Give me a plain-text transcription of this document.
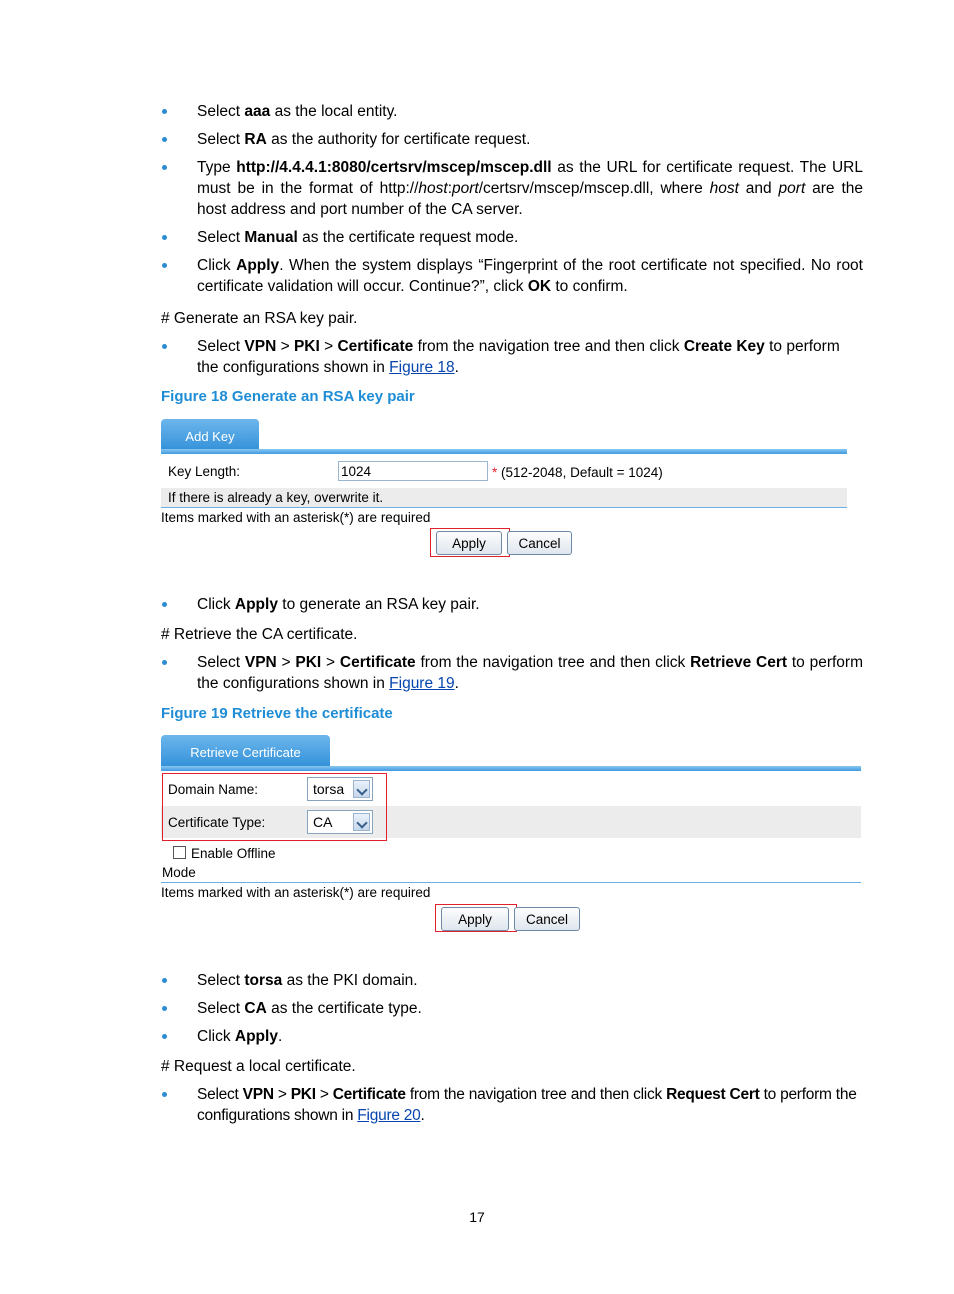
Select aaa as the local entity.
Select RA as the authority for certificate request.
Type http://4.4.4.1:8080/certsrv/mscep/mscep.dll as the URL for certificate request. The URL must be in the format of http://host:port/certsrv/mscep/mscep.dll, where host and port are the host address and port number of the CA server.
Select Manual as the certificate request mode.
Click Apply. When the system displays “Fingerprint of the root certificate not specified. No root certificate validation will occur. Continue?”, click OK to confirm.

# Generate an RSA key pair.

Select VPN > PKI > Certificate from the navigation tree and then click Create Key to perform the configurations shown in Figure 18.
Figure 18 Generate an RSA key pair
Add Key
Key Length:	1024	* (512-2048, Default = 1024)
If there is already a key, overwrite it.
Items marked with an asterisk(*) are required
Apply	Cancel
Click Apply to generate an RSA key pair.

# Retrieve the CA certificate.

Select VPN > PKI > Certificate from the navigation tree and then click Retrieve Cert to perform the configurations shown in Figure 19.
Figure 19 Retrieve the certificate
Retrieve Certificate
Domain Name:	torsa
Certificate Type:	CA
Enable Offline
Mode
Items marked with an asterisk(*) are required
Apply	Cancel
Select torsa as the PKI domain.
Select CA as the certificate type.
Click Apply.

# Request a local certificate.

Select VPN > PKI > Certificate from the navigation tree and then click Request Cert to perform the configurations shown in Figure 20.
17
